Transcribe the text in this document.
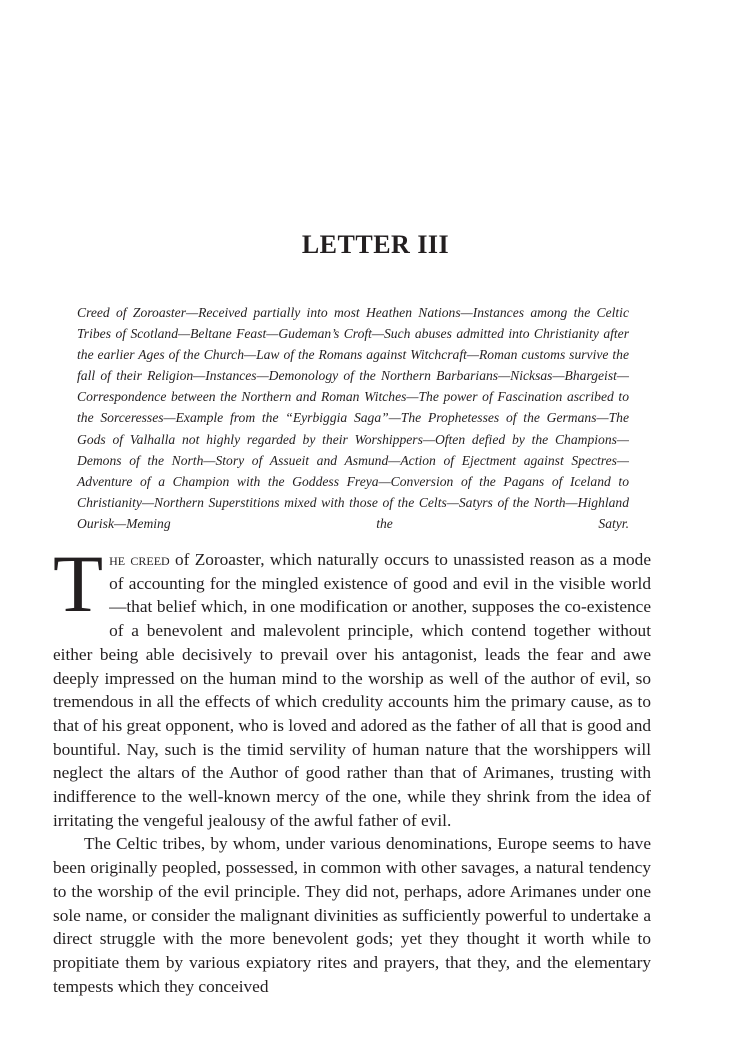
LETTER III

Creed of Zoroaster—Received partially into most Heathen Nations—Instances among the Celtic Tribes of Scotland—Beltane Feast—Gudeman’s Croft—Such abuses admitted into Christianity after the earlier Ages of the Church—Law of the Romans against Witchcraft—Roman customs survive the fall of their Religion—Instances—Demonology of the Northern Barbarians—Nicksas—Bhargeist—Correspondence between the Northern and Roman Witches—The power of Fascination ascribed to the Sorceresses—Example from the “Eyrbiggia Saga”—The Prophetesses of the Germans—The Gods of Valhalla not highly regarded by their Worshippers—Often defied by the Champions—Demons of the North—Story of Assueit and Asmund—Action of Ejectment against Spectres—Adventure of a Champion with the Goddess Freya—Conversion of the Pagans of Iceland to Christianity—Northern Superstitions mixed with those of the Celts—Satyrs of the North—Highland Ourisk—Meming the Satyr.

The creed of Zoroaster, which naturally occurs to unassisted reason as a mode of accounting for the mingled existence of good and evil in the visible world—that belief which, in one modification or another, supposes the co-existence of a benevolent and malevolent principle, which contend together without either being able decisively to prevail over his antagonist, leads the fear and awe deeply impressed on the human mind to the worship as well of the author of evil, so tremendous in all the effects of which credulity accounts him the primary cause, as to that of his great opponent, who is loved and adored as the father of all that is good and bountiful. Nay, such is the timid servility of human nature that the worshippers will neglect the altars of the Author of good rather than that of Arimanes, trusting with indifference to the well-known mercy of the one, while they shrink from the idea of irritating the vengeful jealousy of the awful father of evil.

The Celtic tribes, by whom, under various denominations, Europe seems to have been originally peopled, possessed, in common with other savages, a natural tendency to the worship of the evil principle. They did not, perhaps, adore Arimanes under one sole name, or consider the malignant divinities as sufficiently powerful to undertake a direct struggle with the more benevolent gods; yet they thought it worth while to propitiate them by various expiatory rites and prayers, that they, and the elementary tempests which they conceived
